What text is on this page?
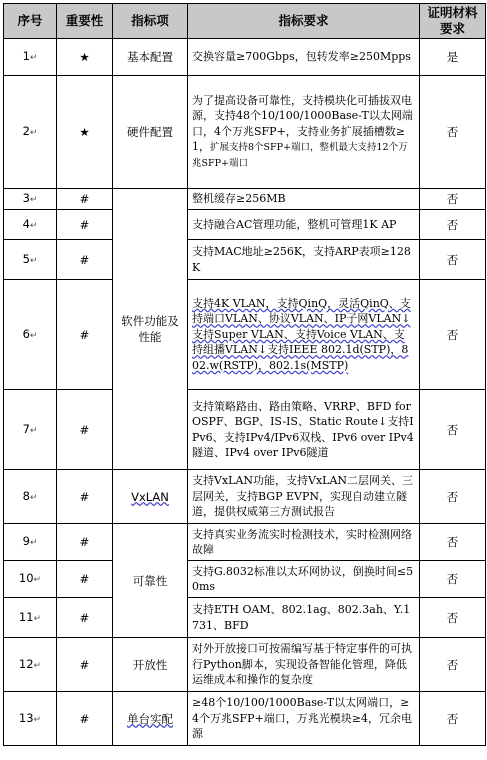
序号	重要性	指标项	指标要求	证明材料要求
1↵	★	基本配置	交换容量≥700Gbps，包转发率≥250Mpps	是
2↵	★	硬件配置	为了提高设备可靠性，支持模块化可插拔双电源，支持48个10/100/1000Base-T以太网端口，4个万兆SFP+，支持业务扩展插槽数≥1，扩展支持8个SFP+端口，整机最大支持12个万兆SFP+端口	否
3↵	#	软件功能及性能	整机缓存≥256MB	否
4↵	#		支持融合AC管理功能，整机可管理1K AP	否
5↵	#		支持MAC地址≥256K，支持ARP表项≥128K	否
6↵	#		支持4K VLAN，支持QinQ，灵活QinQ、支持端口VLAN、协议VLAN、IP子网VLAN↓支持Super VLAN、支持Voice VLAN、支持组播VLAN↓支持IEEE 802.1d(STP)，802.w(RSTP)，802.1s(MSTP)	否
7↵	#		支持策略路由、路由策略、VRRP、BFD for OSPF、BGP、IS-IS、Static Route↓支持IPv6、支持IPv4/IPv6双栈、IPv6 over IPv4隧道、IPv4 over IPv6隧道	否
8↵	#	VxLAN	支持VxLAN功能，支持VxLAN二层网关、三层网关，支持BGP EVPN，实现自动建立隧道，提供权威第三方测试报告	否
9↵	#	可靠性	支持真实业务流实时检测技术，实时检测网络故障	否
10↵	#		支持G.8032标准以太环网协议，倒换时间≤50ms	否
11↵	#		支持ETH OAM、802.1ag、802.3ah、Y.1731、BFD	否
12↵	#	开放性	对外开放接口可按需编写基于特定事件的可执行Python脚本，实现设备智能化管理，降低运维成本和操作的复杂度	否
13↵	#	单台实配	≥48个10/100/1000Base-T以太网端口，≥4个万兆SFP+端口，万兆光模块≥4，冗余电源	否
